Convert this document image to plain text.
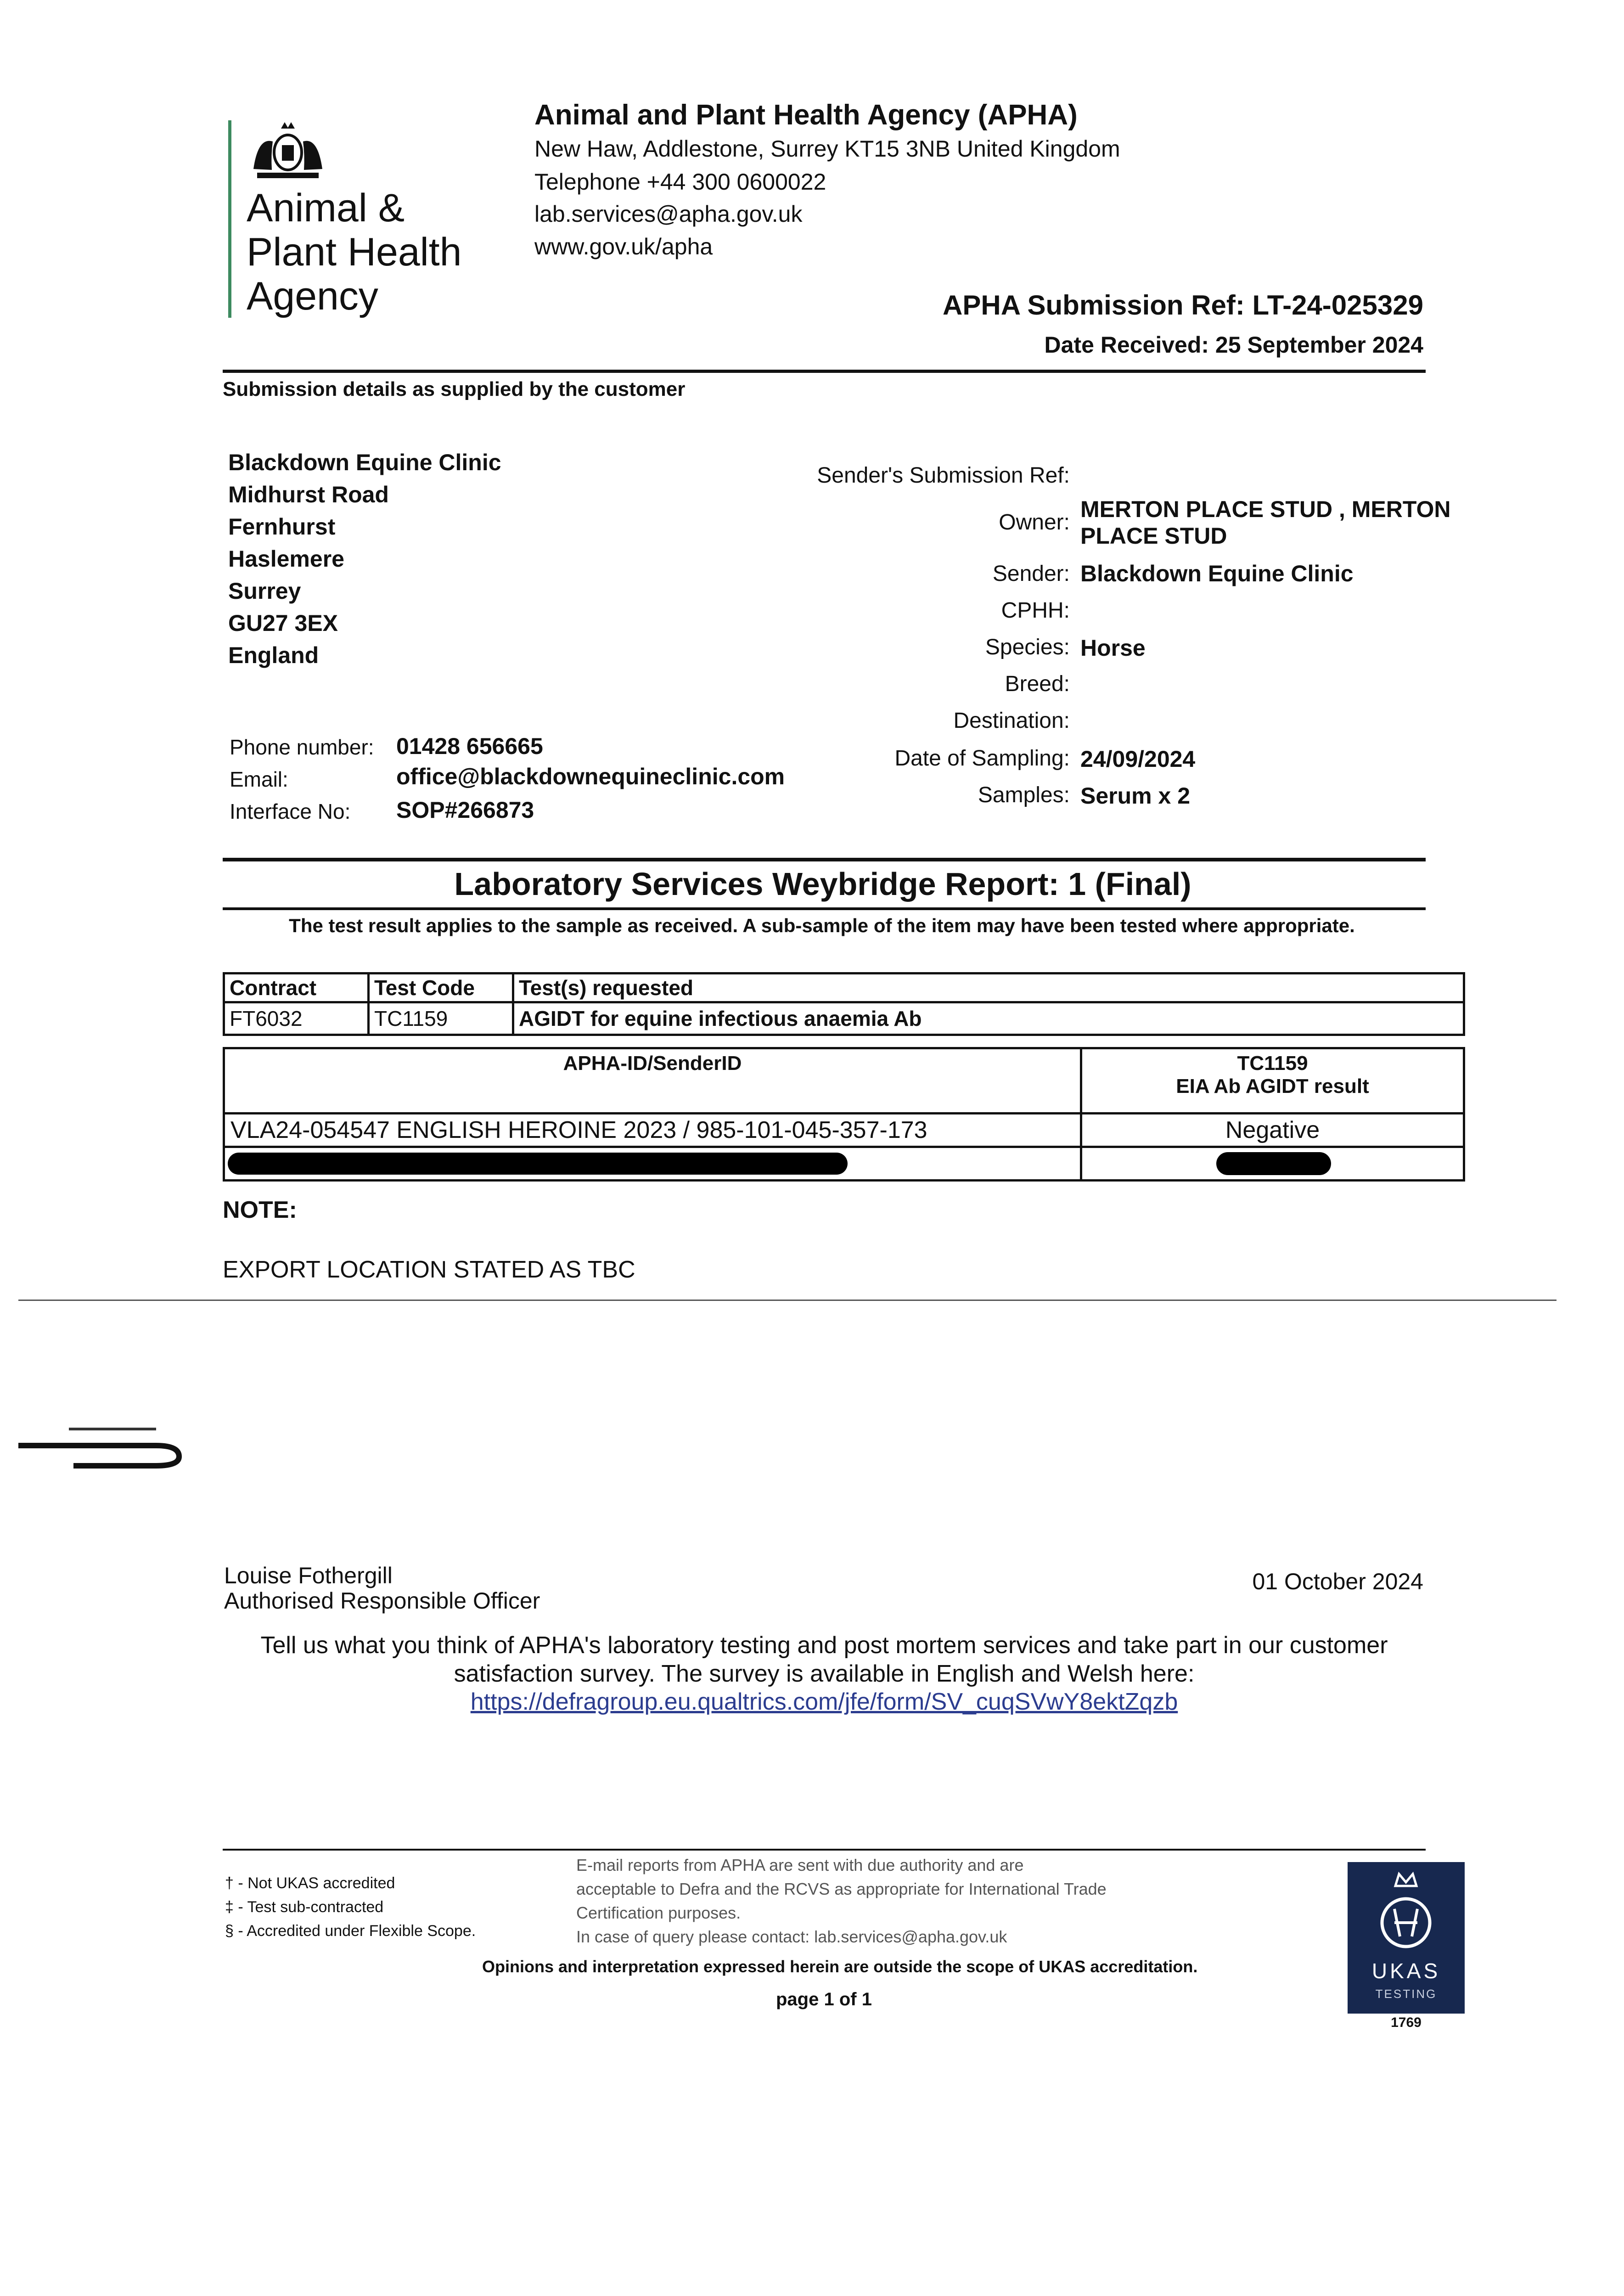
Animal &
Plant Health
Agency
Animal and Plant Health Agency (APHA)
New Haw, Addlestone, Surrey KT15 3NB United Kingdom
Telephone +44 300 0600022
lab.services@apha.gov.uk
www.gov.uk/apha
APHA Submission Ref: LT-24-025329
Date Received: 25 September 2024
Submission details as supplied by the customer
Blackdown Equine Clinic
Midhurst Road
Fernhurst
Haslemere
Surrey
GU27 3EX
England
Phone number: 01428 656665
Email:	office@blackdownequineclinic.com
Interface No: SOP#266873
Sender's Submission Ref:
Owner:
MERTON PLACE STUD , MERTON
PLACE STUD
Sender: Blackdown Equine Clinic
CPHH:
Species: Horse
Breed:
Destination:
Date of Sampling: 24/09/2024
Samples: Serum x 2
Laboratory Services Weybridge Report: 1 (Final)
The test result applies to the sample as received. A sub-sample of the item may have been tested where appropriate.
Contract	Test Code	Test(s) requested
FT6032	TC1159	AGIDT for equine infectious anaemia Ab
APHA-ID/SenderID	TC1159
EIA Ab AGIDT result

VLA24-054547 ENGLISH HEROINE 2023 / 985-101-045-357-173	Negative

NOTE:
EXPORT LOCATION STATED AS TBC
Louise Fothergill
Authorised Responsible Officer
01 October 2024
Tell us what you think of APHA's laboratory testing and post mortem services and take part in our customer satisfaction survey. The survey is available in English and Welsh here:
https://defragroup.eu.qualtrics.com/jfe/form/SV_cuqSVwY8ektZqzb
† - Not UKAS accredited
‡ - Test sub-contracted
§ - Accredited under Flexible Scope.
E-mail reports from APHA are sent with due authority and are
acceptable to Defra and the RCVS as appropriate for International Trade
Certification purposes.
In case of query please contact: lab.services@apha.gov.uk
Opinions and interpretation expressed herein are outside the scope of UKAS accreditation.
page 1 of 1
UKAS
TESTING
1769
